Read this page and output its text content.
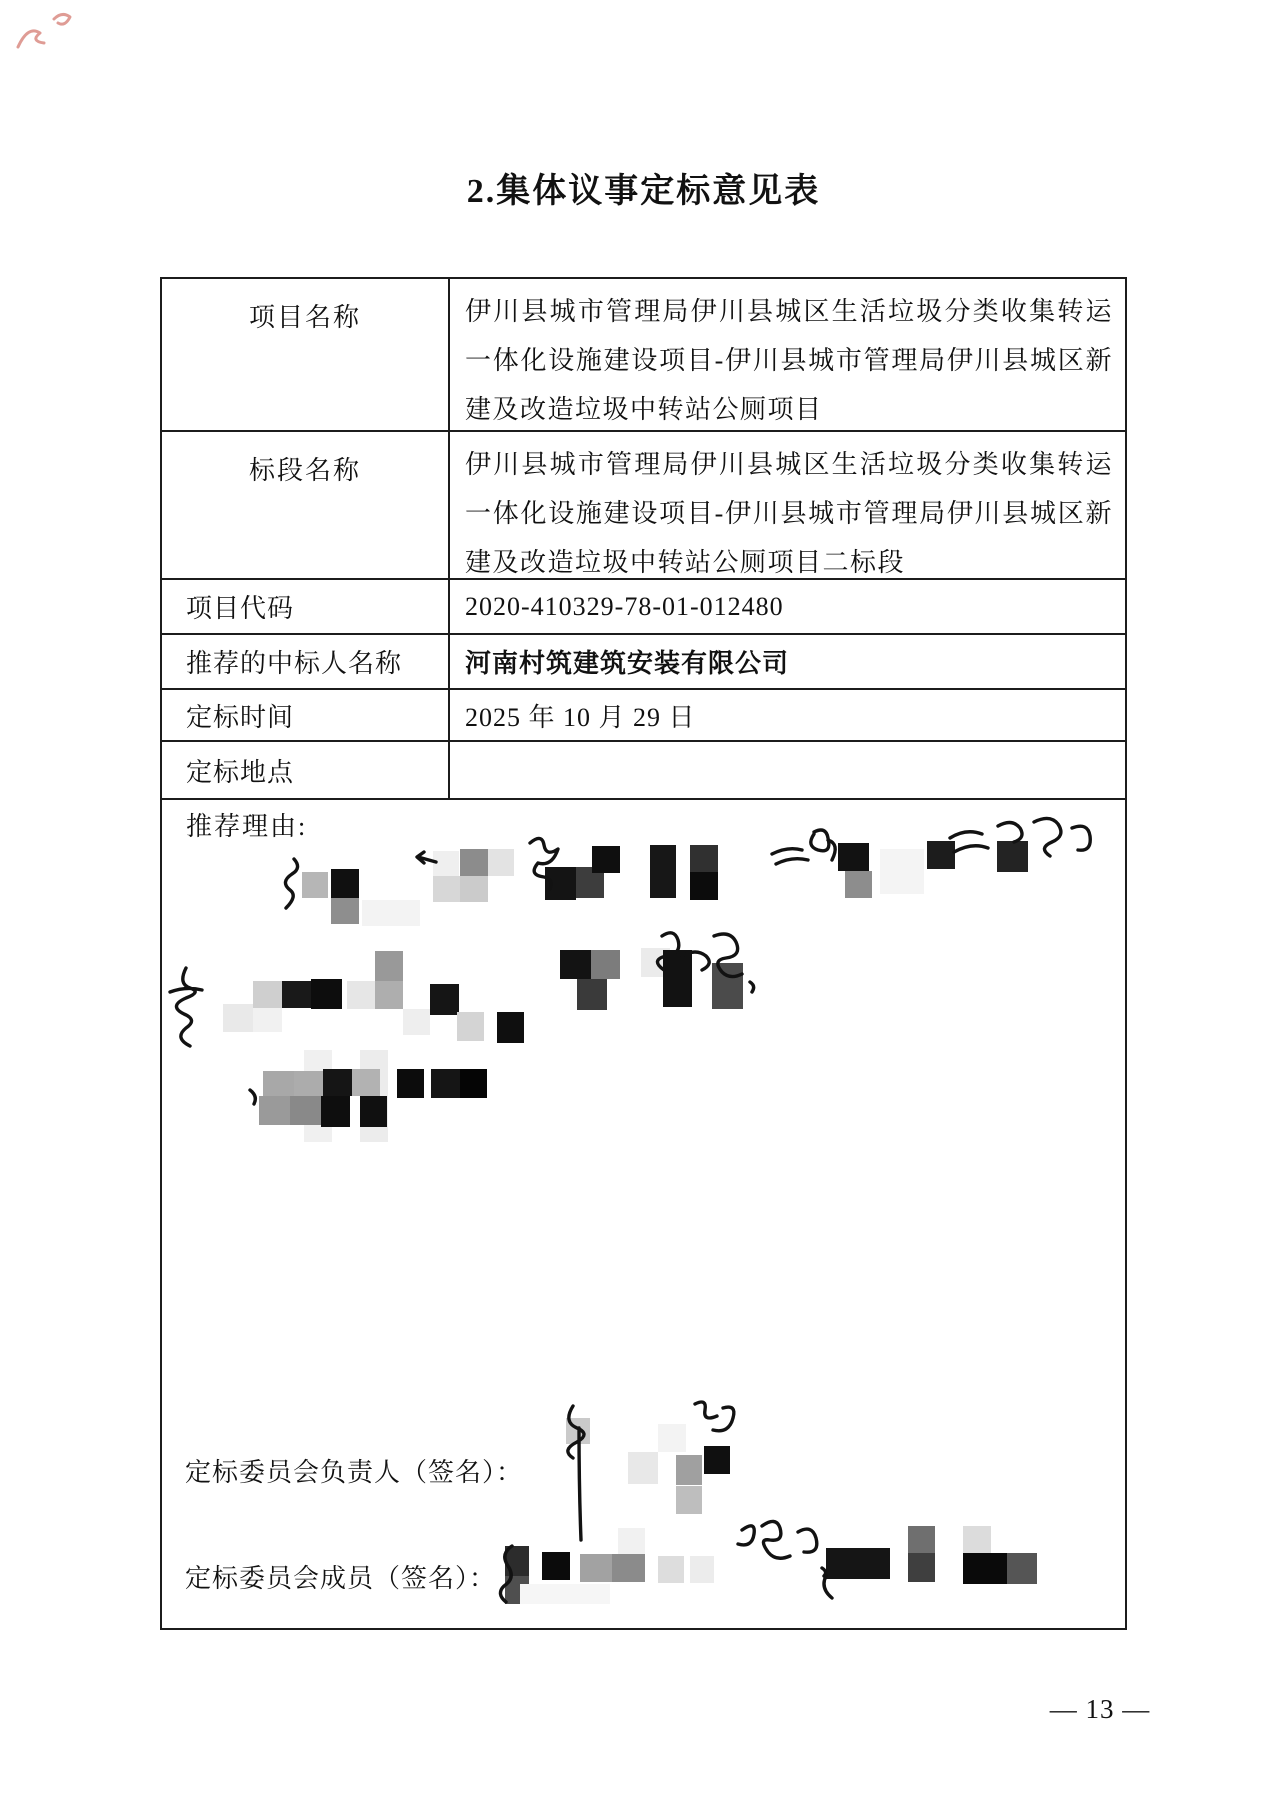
2.集体议事定标意见表
项目名称	伊川县城市管理局伊川县城区生活垃圾分类收集转运一体化设施建设项目-伊川县城市管理局伊川县城区新建及改造垃圾中转站公厕项目
标段名称	伊川县城市管理局伊川县城区生活垃圾分类收集转运一体化设施建设项目-伊川县城市管理局伊川县城区新建及改造垃圾中转站公厕项目二标段
项目代码	2020-410329-78-01-012480
推荐的中标人名称	河南村筑建筑安装有限公司
定标时间	2025 年 10 月 29 日
定标地点
推荐理由:
定标委员会负责人（签名）：
定标委员会成员（签名）：
— 13 —
